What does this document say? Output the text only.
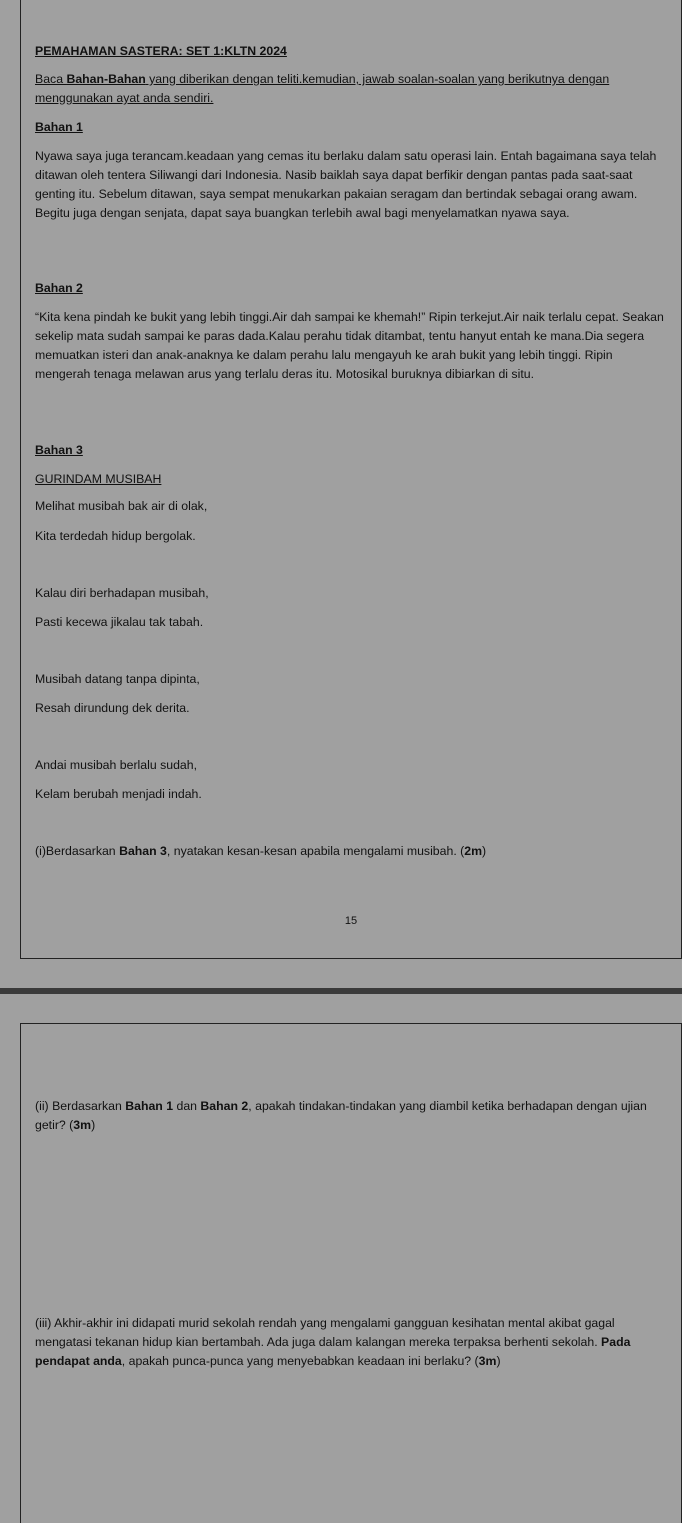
PEMAHAMAN SASTERA: SET 1:KLTN 2024

Baca Bahan-Bahan yang diberikan dengan teliti.kemudian, jawab soalan-soalan yang berikutnya dengan menggunakan ayat anda sendiri.

Bahan 1

Nyawa saya juga terancam.keadaan yang cemas itu berlaku dalam satu operasi lain. Entah bagaimana saya telah ditawan oleh tentera Siliwangi dari Indonesia. Nasib baiklah saya dapat berfikir dengan pantas pada saat-saat genting itu. Sebelum ditawan, saya sempat menukarkan pakaian seragam dan bertindak sebagai orang awam. Begitu juga dengan senjata, dapat saya buangkan terlebih awal bagi menyelamatkan nyawa saya.

Bahan 2

“Kita kena pindah ke bukit yang lebih tinggi.Air dah sampai ke khemah!” Ripin terkejut.Air naik terlalu cepat. Seakan sekelip mata sudah sampai ke paras dada.Kalau perahu tidak ditambat, tentu hanyut entah ke mana.Dia segera memuatkan isteri dan anak-anaknya ke dalam perahu lalu mengayuh ke arah bukit yang lebih tinggi. Ripin mengerah tenaga melawan arus yang terlalu deras itu. Motosikal buruknya dibiarkan di situ.

Bahan 3

GURINDAM MUSIBAH

Melihat musibah bak air di olak,

Kita terdedah hidup bergolak.

Kalau diri berhadapan musibah,

Pasti kecewa jikalau tak tabah.

Musibah datang tanpa dipinta,

Resah dirundung dek derita.

Andai musibah berlalu sudah,

Kelam berubah menjadi indah.

(i)Berdasarkan Bahan 3, nyatakan kesan-kesan apabila mengalami musibah. (2m)

15

(ii) Berdasarkan Bahan 1 dan Bahan 2, apakah tindakan-tindakan yang diambil ketika berhadapan dengan ujian getir? (3m)

(iii) Akhir-akhir ini didapati murid sekolah rendah yang mengalami gangguan kesihatan mental akibat gagal mengatasi tekanan hidup kian bertambah. Ada juga dalam kalangan mereka terpaksa berhenti sekolah. Pada pendapat anda, apakah punca-punca yang menyebabkan keadaan ini berlaku? (3m)
